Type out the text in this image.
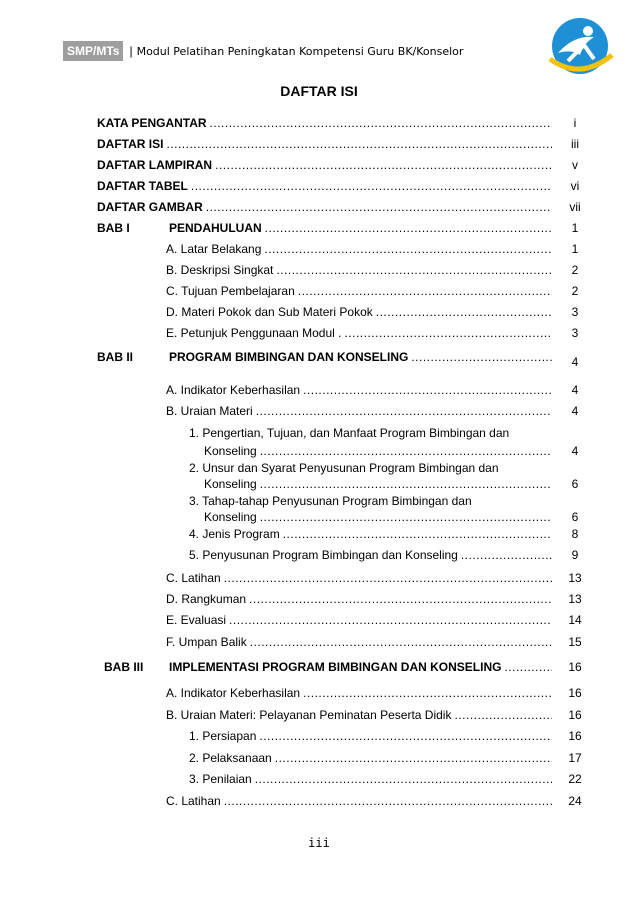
SMP/MTs | Modul Pelatihan Peningkatan Kompetensi Guru BK/Konselor
DAFTAR ISI
KATA PENGANTAR .....	i
DAFTAR ISI .....	iii
DAFTAR LAMPIRAN .....	v
DAFTAR TABEL .....	vi
DAFTAR GAMBAR .....	vii
BAB I	PENDAHULUAN .....	1
A. Latar Belakang .....	1
B. Deskripsi Singkat .....	2
C. Tujuan Pembelajaran .....	2
D. Materi Pokok dan Sub Materi Pokok .....	3
E. Petunjuk Penggunaan Modul . .....	3
BAB II	PROGRAM BIMBINGAN DAN KONSELING .....	4
A. Indikator Keberhasilan .....	4
B. Uraian Materi .....	4
1. Pengertian, Tujuan, dan Manfaat Program Bimbingan dan
Konseling .....	4
2. Unsur dan Syarat Penyusunan Program Bimbingan dan
Konseling .....	6
3. Tahap-tahap Penyusunan Program Bimbingan dan
Konseling .....	6
4. Jenis Program .....	8
5. Penyusunan Program Bimbingan dan Konseling .....	9
C. Latihan .....	13
D. Rangkuman .....	13
E. Evaluasi .....	14
F. Umpan Balik .....	15
BAB III IMPLEMENTASI PROGRAM BIMBINGAN DAN KONSELING .....	16
A. Indikator Keberhasilan .....	16
B. Uraian Materi: Pelayanan Peminatan Peserta Didik .....	16
1. Persiapan .....	16
2. Pelaksanaan .....	17
3. Penilaian .....	22
C. Latihan .....	24
iii
